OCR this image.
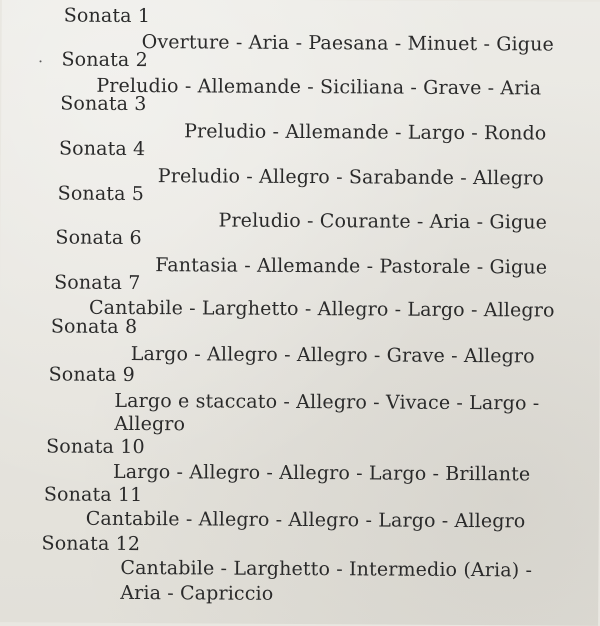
Sonata 1
Overture - Aria - Paesana - Minuet - Gigue
Sonata 2
Preludio - Allemande - Siciliana - Grave - Aria
Sonata 3
Preludio - Allemande - Largo - Rondo
Sonata 4
Preludio - Allegro - Sarabande - Allegro
Sonata 5
Preludio - Courante - Aria - Gigue
Sonata 6
Fantasia - Allemande - Pastorale - Gigue
Sonata 7
Cantabile - Larghetto - Allegro - Largo - Allegro
Sonata 8
Largo - Allegro - Allegro - Grave - Allegro
Sonata 9
Largo e staccato - Allegro - Vivace - Largo -
Allegro
Sonata 10
Largo - Allegro - Allegro - Largo - Brillante
Sonata 11
Cantabile - Allegro - Allegro - Largo - Allegro
Sonata 12
Cantabile - Larghetto - Intermedio (Aria) -
Aria - Capriccio
